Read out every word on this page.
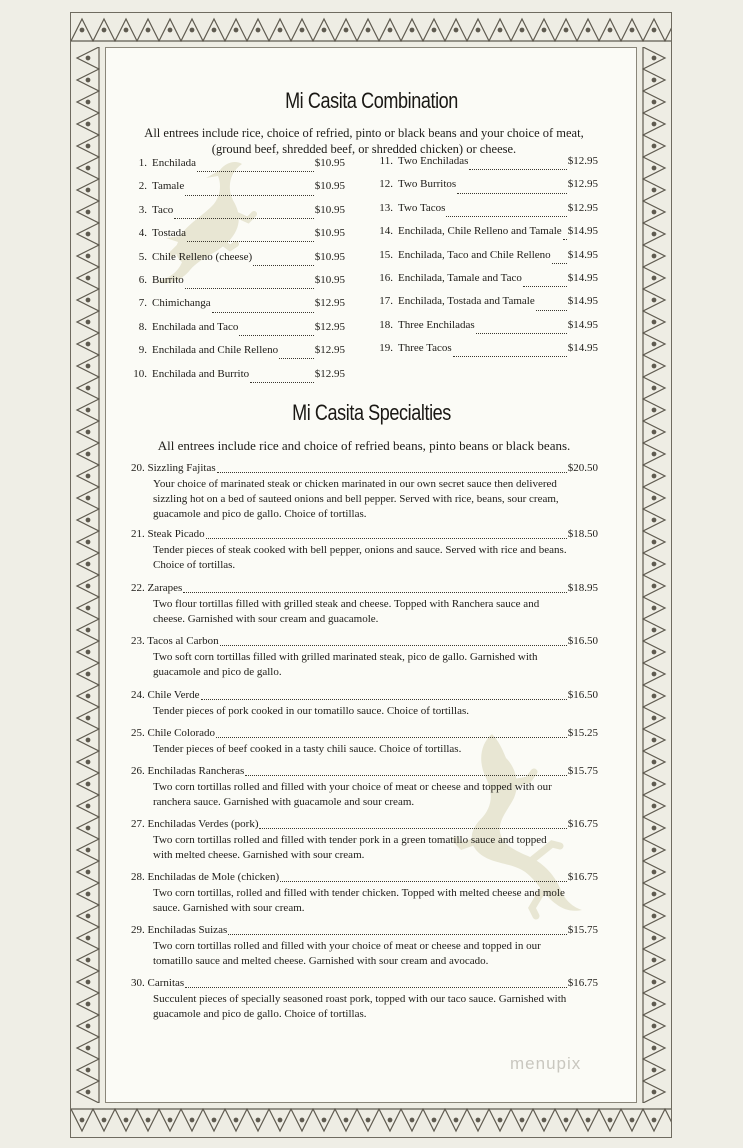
Mi Casita Combination
All entrees include rice, choice of refried, pinto or black beans and your choice of meat,
(ground beef, shredded beef, or shredded chicken) or cheese.
1. Enchilada	$10.95
2. Tamale	$10.95
3. Taco	$10.95
4. Tostada	$10.95
5. Chile Relleno (cheese)	$10.95
6. Burrito	$10.95
7. Chimichanga	$12.95
8. Enchilada and Taco	$12.95
9. Enchilada and Chile Relleno	$12.95
10. Enchilada and Burrito	$12.95
11. Two Enchiladas	$12.95
12. Two Burritos	$12.95
13. Two Tacos	$12.95
14. Enchilada, Chile Relleno and Tamale $14.95
15. Enchilada, Taco and Chile Relleno $14.95
16. Enchilada, Tamale and Taco	$14.95
17. Enchilada, Tostada and Tamale	$14.95
18. Three Enchiladas	$14.95
19. Three Tacos	$14.95
Mi Casita Specialties
All entrees include rice and choice of refried beans, pinto beans or black beans.
20. Sizzling Fajitas	$20.50
Your choice of marinated steak or chicken marinated in our own secret sauce then delivered sizzling hot on a bed of sauteed onions and bell pepper. Served with rice, beans, sour cream, guacamole and pico de gallo. Choice of tortillas.
21. Steak Picado	$18.50
Tender pieces of steak cooked with bell pepper, onions and sauce. Served with rice and beans. Choice of tortillas.
22. Zarapes	$18.95
Two flour tortillas filled with grilled steak and cheese. Topped with Ranchera sauce and cheese. Garnished with sour cream and guacamole.
23. Tacos al Carbon	$16.50
Two soft corn tortillas filled with grilled marinated steak, pico de gallo. Garnished with guacamole and pico de gallo.
24. Chile Verde	$16.50
Tender pieces of pork cooked in our tomatillo sauce. Choice of tortillas.
25. Chile Colorado	$15.25
Tender pieces of beef cooked in a tasty chili sauce. Choice of tortillas.
26. Enchiladas Rancheras	$15.75
Two corn tortillas rolled and filled with your choice of meat or cheese and topped with our ranchera sauce. Garnished with guacamole and sour cream.
27. Enchiladas Verdes (pork)	$16.75
Two corn tortillas rolled and filled with tender pork in a green tomatillo sauce and topped with melted cheese. Garnished with sour cream.
28. Enchiladas de Mole (chicken)	$16.75
Two corn tortillas, rolled and filled with tender chicken. Topped with melted cheese and mole sauce. Garnished with sour cream.
29. Enchiladas Suizas	$15.75
Two corn tortillas rolled and filled with your choice of meat or cheese and topped in our tomatillo sauce and melted cheese. Garnished with sour cream and avocado.
30. Carnitas	$16.75
Succulent pieces of specially seasoned roast pork, topped with our taco sauce. Garnished with guacamole and pico de gallo. Choice of tortillas.
menupix
